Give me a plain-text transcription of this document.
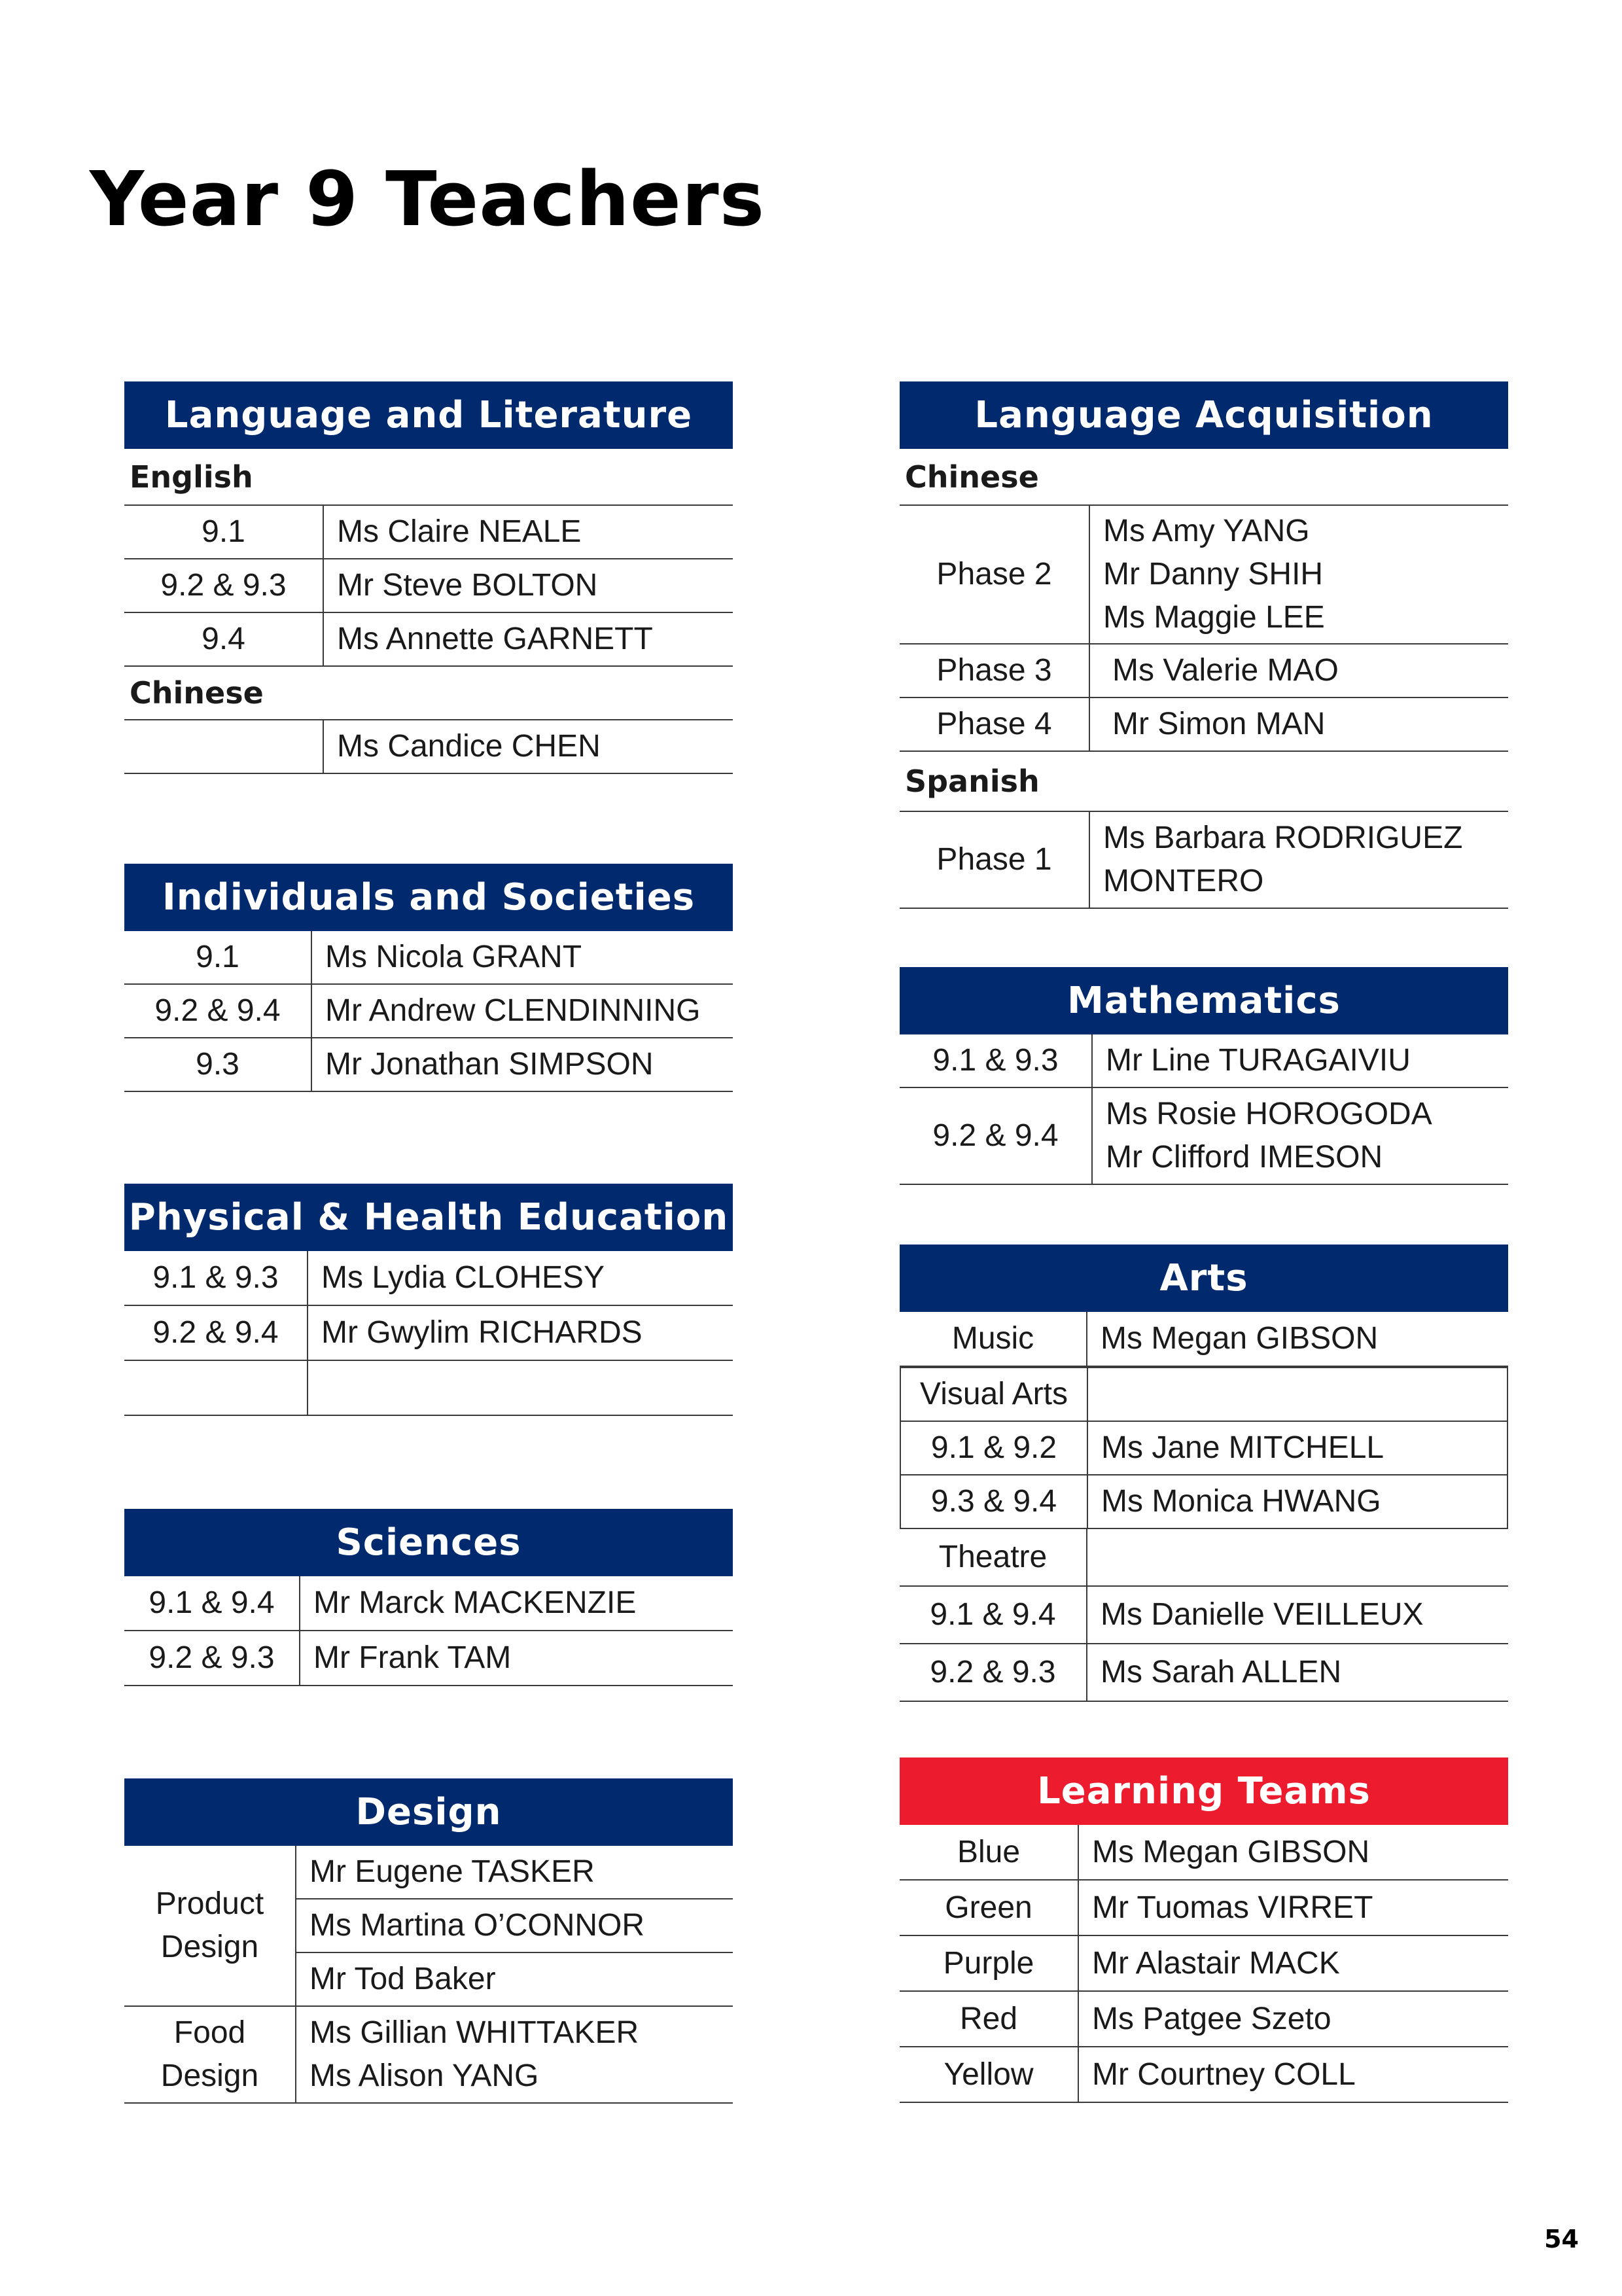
Year 9 Teachers
Language and Literature
English	
9.1	Ms Claire NEALE
9.2 & 9.3	Mr Steve BOLTON
9.4	Ms Annette GARNETT
Chinese	
	Ms Candice CHEN
Individuals and Societies
9.1	Ms Nicola GRANT
9.2 & 9.4	Mr Andrew CLENDINNING
9.3	Mr Jonathan SIMPSON
Physical & Health Education
9.1 & 9.3	Ms Lydia CLOHESY
9.2 & 9.4	Mr Gwylim RICHARDS

Sciences
9.1 & 9.4	Mr Marck MACKENZIE
9.2 & 9.3	Mr Frank TAM
Design
Product
Design	Mr Eugene TASKER
	Ms Martina O’CONNOR
	Mr Tod Baker

Food
Design	Ms Gillian WHITTAKER
Ms Alison YANG
Language Acquisition
Chinese	
Phase 2	Ms Amy YANG
Mr Danny SHIH
Ms Maggie LEE

Phase 3	Ms Valerie MAO
Phase 4	Mr Simon MAN
Spanish	
Phase 1	Ms Barbara RODRIGUEZ
MONTERO
Mathematics
9.1 & 9.3	Mr Line TURAGAIVIU
9.2 & 9.4	Ms Rosie HOROGODA
Mr Clifford IMESON
Arts
Music	Ms Megan GIBSON
Visual Arts	
9.1 & 9.2	Ms Jane MITCHELL
9.3 & 9.4	Ms Monica HWANG
Theatre	
9.1 & 9.4	Ms Danielle VEILLEUX
9.2 & 9.3	Ms Sarah ALLEN
Learning Teams
Blue	Ms Megan GIBSON
Green	Mr Tuomas VIRRET
Purple	Mr Alastair MACK
Red	Ms Patgee Szeto
Yellow	Mr Courtney COLL
54
